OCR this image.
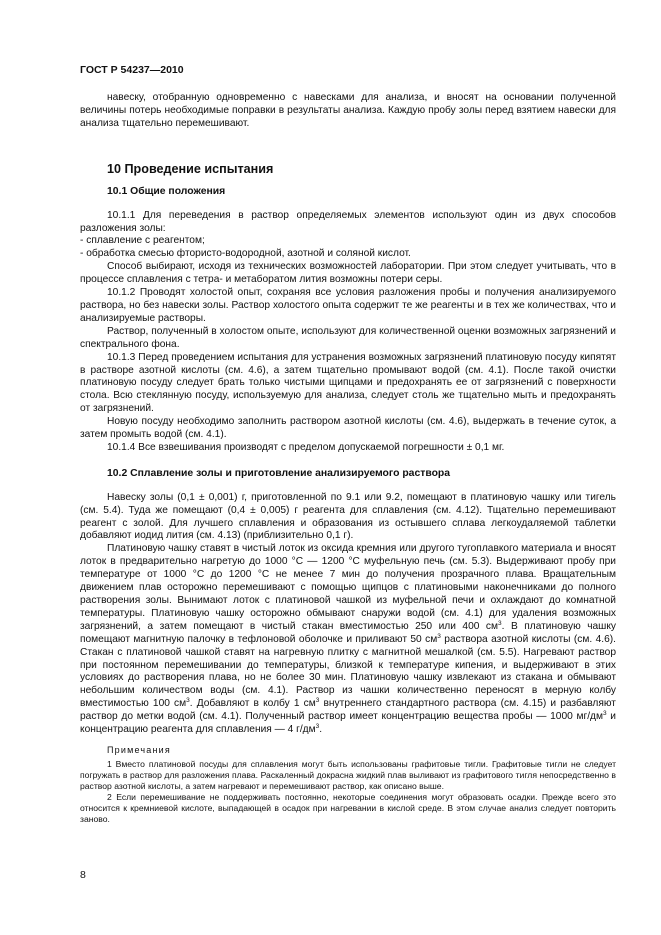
ГОСТ Р 54237—2010

навеску, отобранную одновременно с навесками для анализа, и вносят на основании полученной величины потерь необходимые поправки в результаты анализа. Каждую пробу золы перед взятием навески для анализа тщательно перемешивают.

10 Проведение испытания
10.1 Общие положения

10.1.1 Для переведения в раствор определяемых элементов используют один из двух способов разложения золы:

- сплавление с реагентом;

- обработка смесью фтористо-водородной, азотной и соляной кислот.

Способ выбирают, исходя из технических возможностей лаборатории. При этом следует учитывать, что в процессе сплавления с тетра- и метаборатом лития возможны потери серы.

10.1.2 Проводят холостой опыт, сохраняя все условия разложения пробы и получения анализируемого раствора, но без навески золы. Раствор холостого опыта содержит те же реагенты и в тех же количествах, что и анализируемые растворы.

Раствор, полученный в холостом опыте, используют для количественной оценки возможных загрязнений и спектрального фона.

10.1.3 Перед проведением испытания для устранения возможных загрязнений платиновую посуду кипятят в растворе азотной кислоты (см. 4.6), а затем тщательно промывают водой (см. 4.1). После такой очистки платиновую посуду следует брать только чистыми щипцами и предохранять ее от загрязнений с поверхности стола. Всю стеклянную посуду, используемую для анализа, следует столь же тщательно мыть и предохранять от загрязнений.

Новую посуду необходимо заполнить раствором азотной кислоты (см. 4.6), выдержать в течение суток, а затем промыть водой (см. 4.1).

10.1.4 Все взвешивания производят с пределом допускаемой погрешности ± 0,1 мг.

10.2 Сплавление золы и приготовление анализируемого раствора

Навеску золы (0,1 ± 0,001) г, приготовленной по 9.1 или 9.2, помещают в платиновую чашку или тигель (см. 5.4). Туда же помещают (0,4 ± 0,005) г реагента для сплавления (см. 4.12). Тщательно перемешивают реагент с золой. Для лучшего сплавления и образования из остывшего сплава легкоудаляемой таблетки добавляют иодид лития (см. 4.13) (приблизительно 0,1 г).

Платиновую чашку ставят в чистый лоток из оксида кремния или другого тугоплавкого материала и вносят лоток в предварительно нагретую до 1000 °С — 1200 °С муфельную печь (см. 5.3). Выдерживают пробу при температуре от 1000 °С до 1200 °С не менее 7 мин до получения прозрачного плава. Вращательным движением плав осторожно перемешивают с помощью щипцов с платиновыми наконечниками до полного растворения золы. Вынимают лоток с платиновой чашкой из муфельной печи и охлаждают до комнатной температуры. Платиновую чашку осторожно обмывают снаружи водой (см. 4.1) для удаления возможных загрязнений, а затем помещают в чистый стакан вместимостью 250 или 400 $см^3$. В платиновую чашку помещают магнитную палочку в тефлоновой оболочке и приливают 50 $см^3$ раствора азотной кислоты (см. 4.6). Стакан с платиновой чашкой ставят на нагревную плитку с магнитной мешалкой (см. 5.5). Нагревают раствор при постоянном перемешивании до температуры, близкой к температуре кипения, и выдерживают в этих условиях до растворения плава, но не более 30 мин. Платиновую чашку извлекают из стакана и обмывают небольшим количеством воды (см. 4.1). Раствор из чашки количественно переносят в мерную колбу вместимостью 100 $см^3$. Добавляют в колбу 1 $см^3$ внутреннего стандартного раствора (см. 4.15) и разбавляют раствор до метки водой (см. 4.1). Полученный раствор имеет концентрацию вещества пробы — 1000 $мг/дм^3$ и концентрацию реагента для сплавления — 4 $г/дм^3$.

Примечания

1 Вместо платиновой посуды для сплавления могут быть использованы графитовые тигли. Графитовые тигли не следует погружать в раствор для разложения плава. Раскаленный докрасна жидкий плав выливают из графитового тигля непосредственно в раствор азотной кислоты, а затем нагревают и перемешивают раствор, как описано выше.

2 Если перемешивание не поддерживать постоянно, некоторые соединения могут образовать осадки. Прежде всего это относится к кремниевой кислоте, выпадающей в осадок при нагревании в кислой среде. В этом случае анализ следует повторить заново.

8
